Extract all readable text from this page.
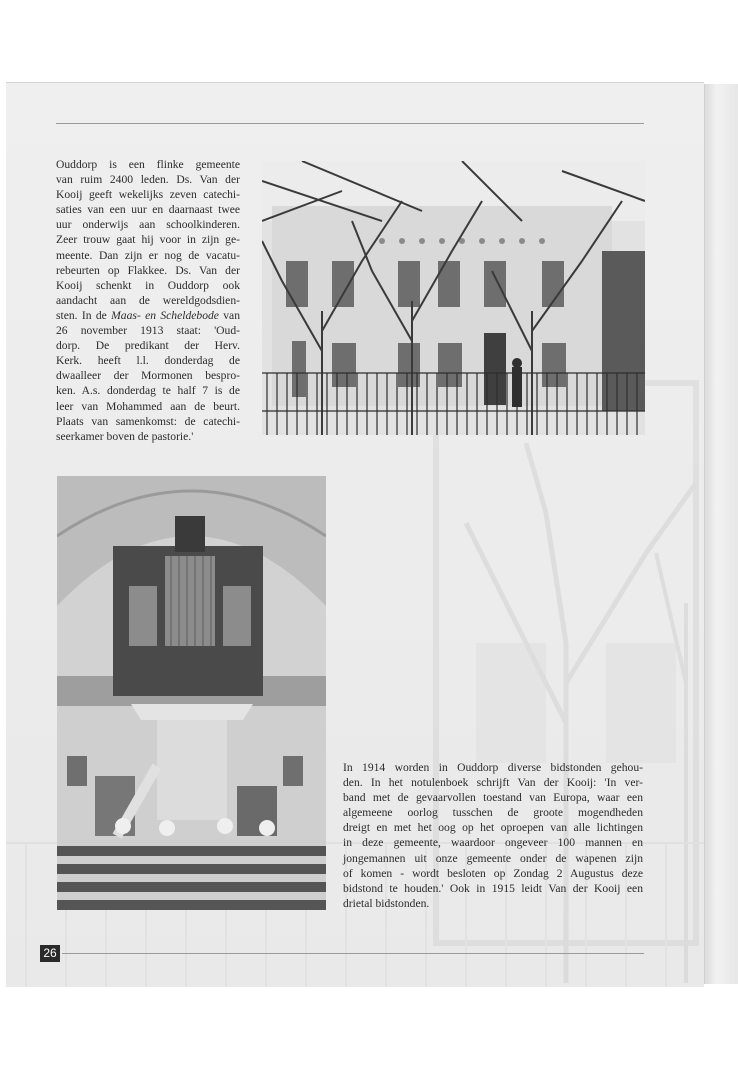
Ouddorp is een flinke gemeente
van ruim 2400 leden. Ds. Van der
Kooij geeft wekelijks zeven catechi-
saties van een uur en daarnaast twee
uur onderwijs aan schoolkinderen.
Zeer trouw gaat hij voor in zijn ge-
meente. Dan zijn er nog de vacatu-
rebeurten op Flakkee. Ds. Van der
Kooij schenkt in Ouddorp ook
aandacht aan de wereldgodsdien-
sten. In de Maas- en Scheldebode van
26 november 1913 staat: 'Oud-
dorp. De predikant der Herv.
Kerk. heeft l.l. donderdag de
dwaalleer der Mormonen bespro-
ken. A.s. donderdag te half 7 is de
leer van Mohammed aan de beurt.
Plaats van samenkomst: de catechi-
seerkamer boven de pastorie.'

In 1914 worden in Ouddorp diverse bidstonden gehou-
den. In het notulenboek schrijft Van der Kooij: 'In ver-
band met de gevaarvollen toestand van Europa, waar een
algemeene oorlog tusschen de groote mogendheden
dreigt en met het oog op het oproepen van alle lichtingen
in deze gemeente, waardoor ongeveer 100 mannen en
jongemannen uit onze gemeente onder de wapenen zijn
of komen - wordt besloten op Zondag 2 Augustus deze
bidstond te houden.' Ook in 1915 leidt Van der Kooij een
drietal bidstonden.

26
